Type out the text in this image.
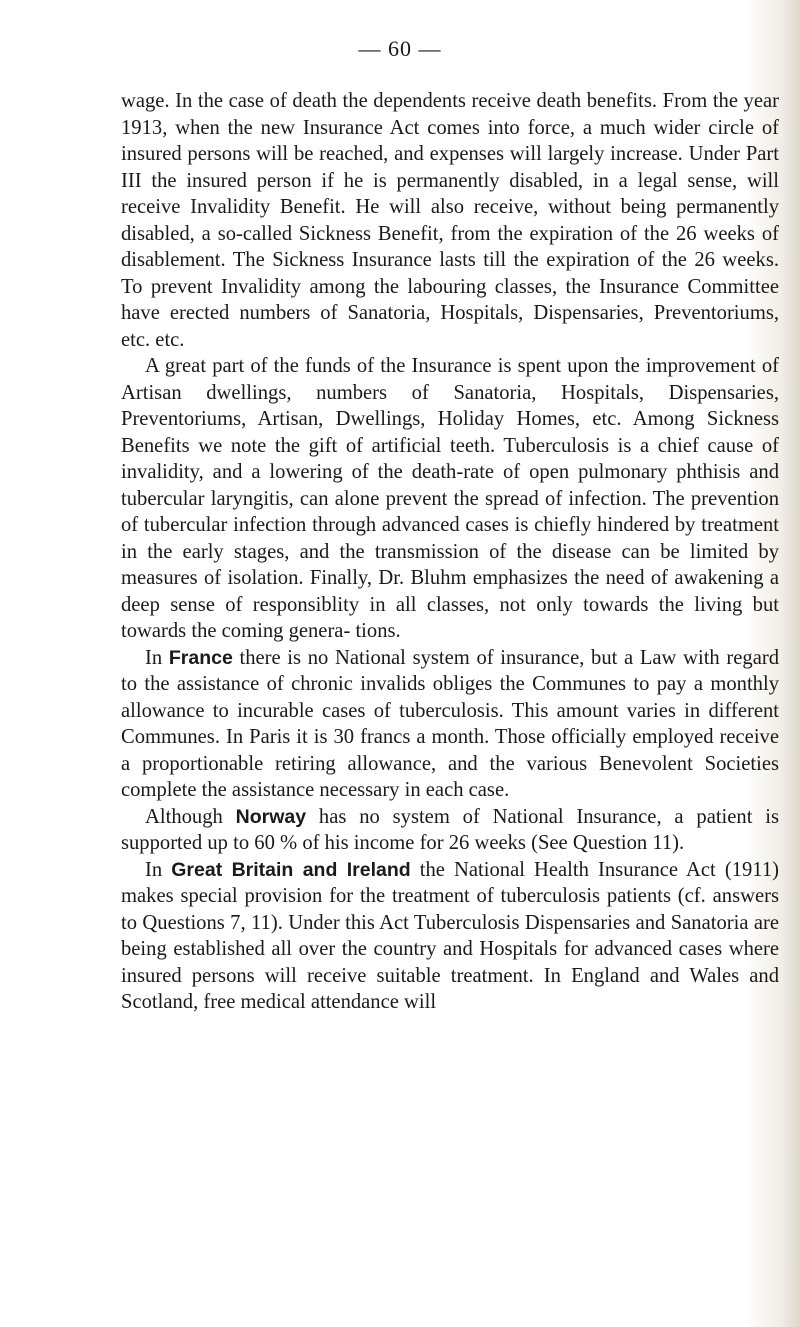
— 60 —

wage. In the case of death the dependents receive death benefits. From the year 1913, when the new Insurance Act comes into force, a much wider circle of insured persons will be reached, and expenses will largely increase. Under Part III the insured person if he is permanently disabled, in a legal sense, will receive Invalidity Benefit. He will also receive, without being permanently disabled, a so-called Sickness Benefit, from the expiration of the 26 weeks of disablement. The Sickness Insurance lasts till the expiration of the 26 weeks. To prevent Invalidity among the labouring classes, the Insurance Committee have erected numbers of Sanatoria, Hospitals, Dispensaries, Preventoriums, etc. etc.

A great part of the funds of the Insurance is spent upon the improvement of Artisan dwellings, numbers of Sanatoria, Hospitals, Dispensaries, Preventoriums, Artisan, Dwellings, Holiday Homes, etc. Among Sickness Benefits we note the gift of artificial teeth. Tuberculosis is a chief cause of invalidity, and a lowering of the death-rate of open pulmonary phthisis and tubercular laryngitis, can alone prevent the spread of infection. The prevention of tubercular infection through advanced cases is chiefly hindered by treatment in the early stages, and the transmission of the disease can be limited by measures of isolation. Finally, Dr. Bluhm emphasizes the need of awakening a deep sense of responsiblity in all classes, not only towards the living but towards the coming genera- tions.

In France there is no National system of insurance, but a Law with regard to the assistance of chronic invalids obliges the Communes to pay a monthly allowance to incurable cases of tuberculosis. This amount varies in different Communes. In Paris it is 30 francs a month. Those officially employed receive a proportionable retiring allowance, and the various Benevolent Societies complete the assistance necessary in each case.

Although Norway has no system of National Insurance, a patient is supported up to 60 % of his income for 26 weeks (See Question 11).

In Great Britain and Ireland the National Health Insurance Act (1911) makes special provision for the treatment of tuberculosis patients (cf. answers to Questions 7, 11). Under this Act Tuberculosis Dispensaries and Sanatoria are being established all over the country and Hospitals for advanced cases where insured persons will receive suitable treatment. In England and Wales and Scotland, free medical attendance will
